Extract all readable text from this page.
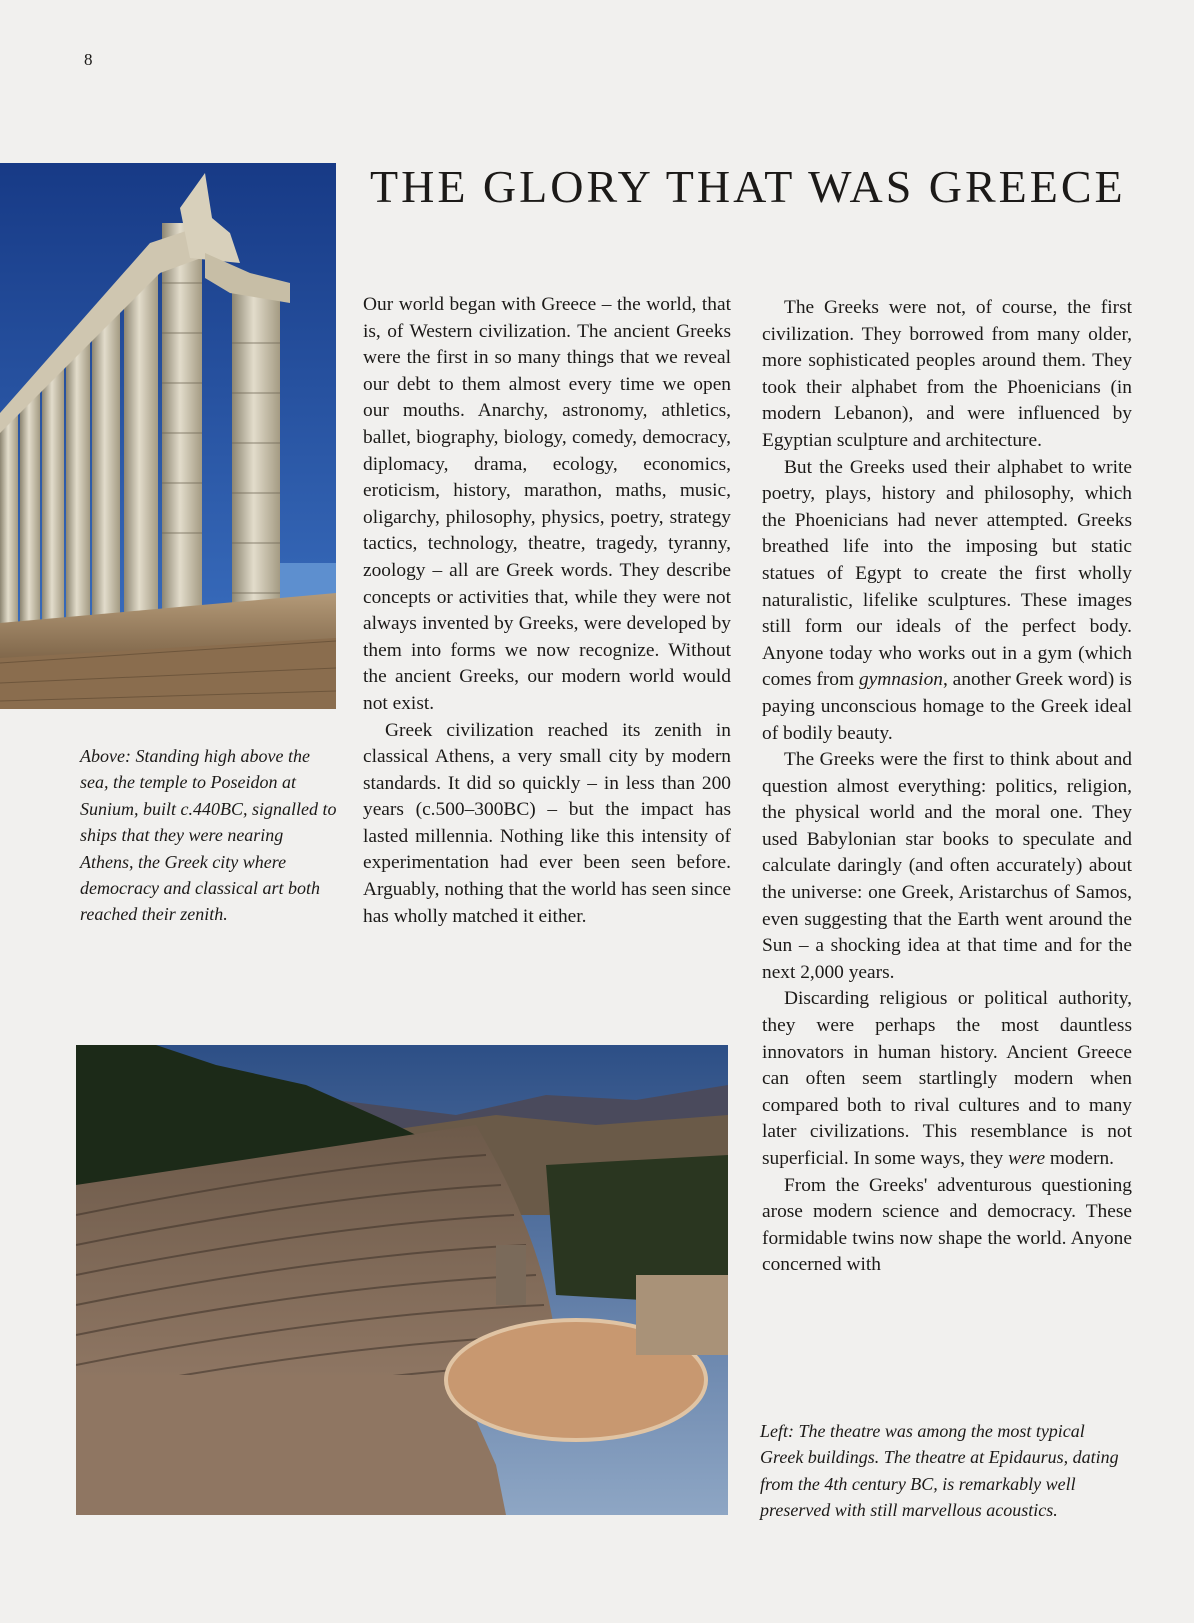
8
THE GLORY THAT WAS GREECE

Above: Standing high above the sea, the temple to Poseidon at Sunium, built c.440BC, signalled to ships that they were nearing Athens, the Greek city where democracy and classical art both reached their zenith.

Our world began with Greece – the world, that is, of Western civilization. The ancient Greeks were the first in so many things that we reveal our debt to them almost every time we open our mouths. Anarchy, astronomy, athletics, ballet, biography, biology, comedy, democracy, diplomacy, drama, ecology, economics, eroticism, history, marathon, maths, music, oligarchy, philosophy, physics, poetry, strategy tactics, technology, theatre, tragedy, tyranny, zoology – all are Greek words. They describe concepts or activities that, while they were not always invented by Greeks, were developed by them into forms we now recognize. Without the ancient Greeks, our modern world would not exist.

Greek civilization reached its zenith in classical Athens, a very small city by modern standards. It did so quickly – in less than 200 years (c.500–300BC) – but the impact has lasted millennia. Nothing like this intensity of experimentation had ever been seen before. Arguably, nothing that the world has seen since has wholly matched it either.

The Greeks were not, of course, the first civilization. They borrowed from many older, more sophisticated peoples around them. They took their alphabet from the Phoenicians (in modern Lebanon), and were influenced by Egyptian sculpture and architecture.

But the Greeks used their alphabet to write poetry, plays, history and philosophy, which the Phoenicians had never attempted. Greeks breathed life into the imposing but static statues of Egypt to create the first wholly naturalistic, lifelike sculptures. These images still form our ideals of the perfect body. Anyone today who works out in a gym (which comes from gymnasion, another Greek word) is paying unconscious homage to the Greek ideal of bodily beauty.

The Greeks were the first to think about and question almost everything: politics, religion, the physical world and the moral one. They used Babylonian star books to speculate and calculate daringly (and often accurately) about the universe: one Greek, Aristarchus of Samos, even suggesting that the Earth went around the Sun – a shocking idea at that time and for the next 2,000 years.

Discarding religious or political authority, they were perhaps the most dauntless innovators in human history. Ancient Greece can often seem startlingly modern when compared both to rival cultures and to many later civilizations. This resemblance is not superficial. In some ways, they were modern.

From the Greeks' adventurous questioning arose modern science and democracy. These formidable twins now shape the world. Anyone concerned with

Left: The theatre was among the most typical Greek buildings. The theatre at Epidaurus, dating from the 4th century BC, is remarkably well preserved with still marvellous acoustics.
